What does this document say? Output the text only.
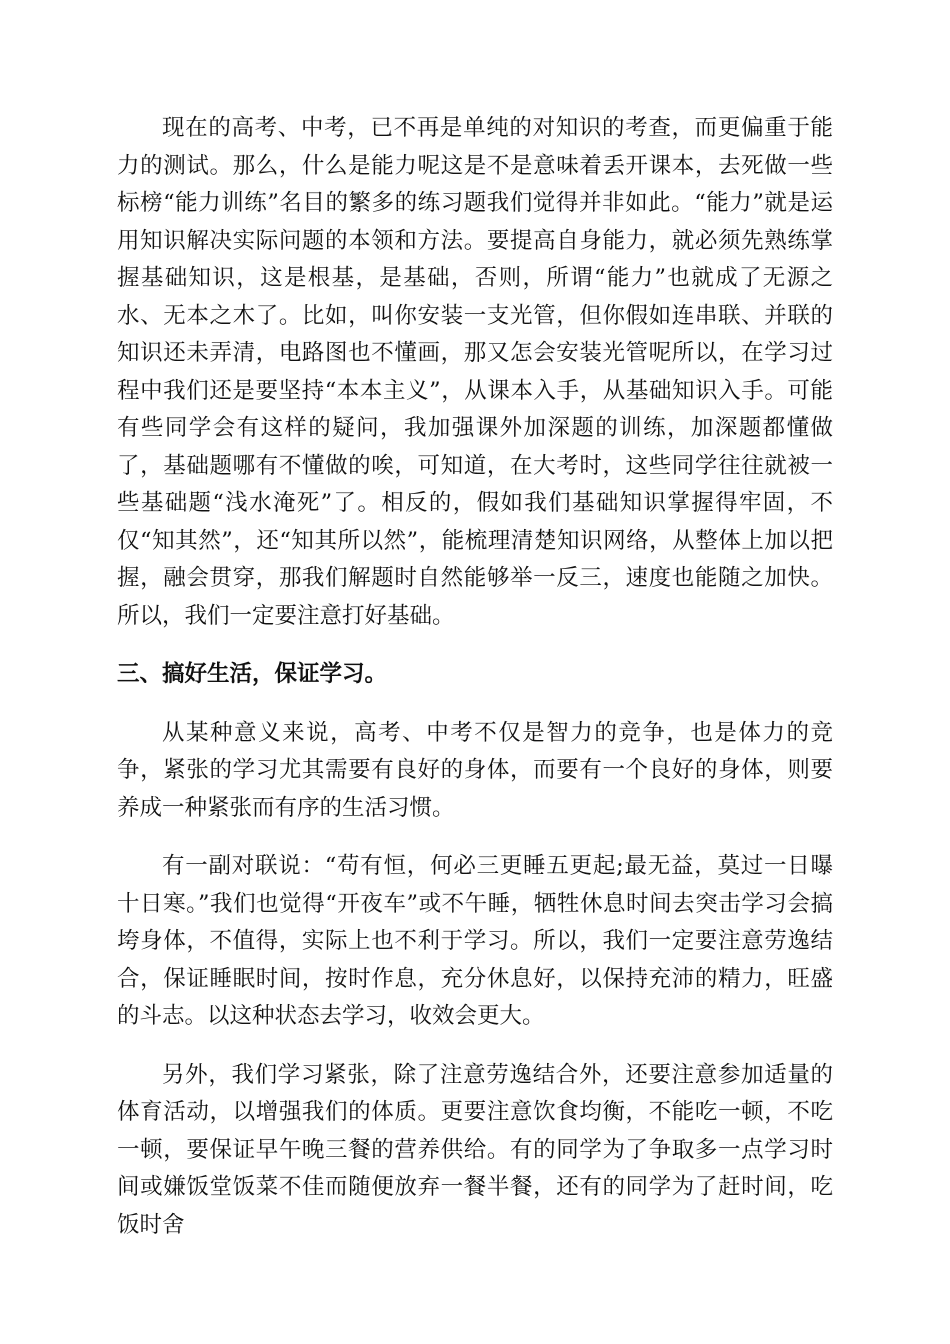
现在的高考、中考，已不再是单纯的对知识的考查，而更偏重于能力的测试。那么，什么是能力呢这是不是意味着丢开课本，去死做一些标榜“能力训练”名目的繁多的练习题我们觉得并非如此。“能力”就是运用知识解决实际问题的本领和方法。要提高自身能力，就必须先熟练掌握基础知识，这是根基，是基础，否则，所谓“能力”也就成了无源之水、无本之木了。比如，叫你安装一支光管，但你假如连串联、并联的知识还未弄清，电路图也不懂画，那又怎会安装光管呢所以，在学习过程中我们还是要坚持“本本主义”，从课本入手，从基础知识入手。可能有些同学会有这样的疑问，我加强课外加深题的训练，加深题都懂做了，基础题哪有不懂做的唉，可知道，在大考时，这些同学往往就被一些基础题“浅水淹死”了。相反的，假如我们基础知识掌握得牢固，不仅“知其然”，还“知其所以然”，能梳理清楚知识网络，从整体上加以把握，融会贯穿，那我们解题时自然能够举一反三，速度也能随之加快。所以，我们一定要注意打好基础。

三、搞好生活，保证学习。

从某种意义来说，高考、中考不仅是智力的竞争，也是体力的竞争，紧张的学习尤其需要有良好的身体，而要有一个良好的身体，则要养成一种紧张而有序的生活习惯。

有一副对联说：“苟有恒，何必三更睡五更起;最无益，莫过一日曝十日寒。”我们也觉得“开夜车”或不午睡，牺牲休息时间去突击学习会搞垮身体，不值得，实际上也不利于学习。所以，我们一定要注意劳逸结合，保证睡眠时间，按时作息，充分休息好，以保持充沛的精力，旺盛的斗志。以这种状态去学习，收效会更大。

另外，我们学习紧张，除了注意劳逸结合外，还要注意参加适量的体育活动，以增强我们的体质。更要注意饮食均衡，不能吃一顿，不吃一顿，要保证早午晚三餐的营养供给。有的同学为了争取多一点学习时间或嫌饭堂饭菜不佳而随便放弃一餐半餐，还有的同学为了赶时间，吃饭时舍
